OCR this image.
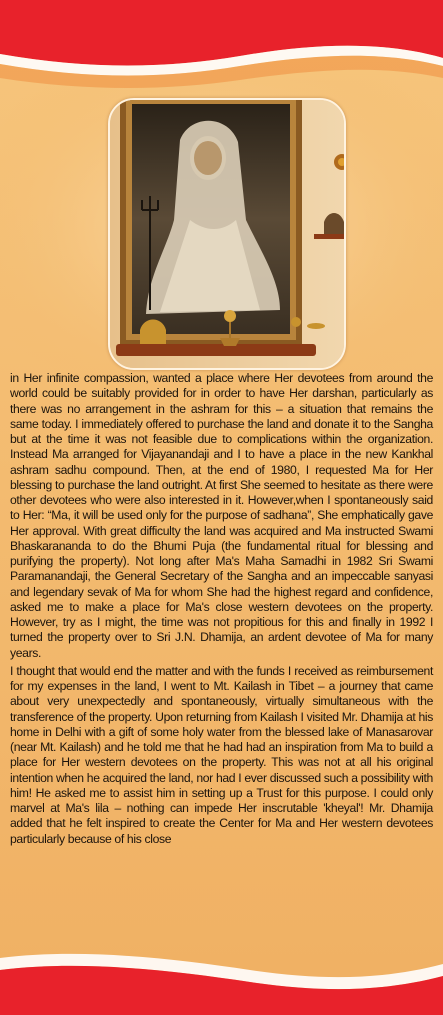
in Her infinite compassion, wanted a place where Her devotees from around the world could be suitably provided for in order to have Her darshan, particularly as there was no arrangement in the ashram for this – a situation that remains the same today. I immediately offered to purchase the land and donate it to the Sangha but at the time it was not feasible due to complications within the organization. Instead Ma arranged for Vijayanandaji and I to have a place in the new Kankhal ashram sadhu compound. Then, at the end of 1980, I requested Ma for Her blessing to purchase the land outright. At first She seemed to hesitate as there were other devotees who were also interested in it. However,when I spontaneously said to Her: “Ma, it will be used only for the purpose of sadhana”, She emphatically gave Her approval. With great difficulty the land was acquired and Ma instructed Swami Bhaskarananda to do the Bhumi Puja (the fundamental ritual for blessing and purifying the property). Not long after Ma's Maha Samadhi in 1982 Sri Swami Paramanandaji, the General Secretary of the Sangha and an impeccable sanyasi and legendary sevak of Ma for whom She had the highest regard and confidence, asked me to make a place for Ma's close western devotees on the property. However, try as I might, the time was not propitious for this and finally in 1992 I turned the property over to Sri J.N. Dhamija, an ardent devotee of Ma for many years.

I thought that would end the matter and with the funds I received as reimbursement for my expenses in the land, I went to Mt. Kailash in Tibet – a journey that came about very unexpectedly and spontaneously, virtually simultaneous with the transference of the property. Upon returning from Kailash I visited Mr. Dhamija at his home in Delhi with a gift of some holy water from the blessed lake of Manasarovar (near Mt. Kailash) and he told me that he had had an inspiration from Ma to build a place for Her western devotees on the property. This was not at all his original intention when he acquired the land, nor had I ever discussed such a possibility with him! He asked me to assist him in setting up a Trust for this purpose. I could only marvel at Ma's lila – nothing can impede Her inscrutable 'kheyal'! Mr. Dhamija added that he felt inspired to create the Center for Ma and Her western devotees particularly because of his close
